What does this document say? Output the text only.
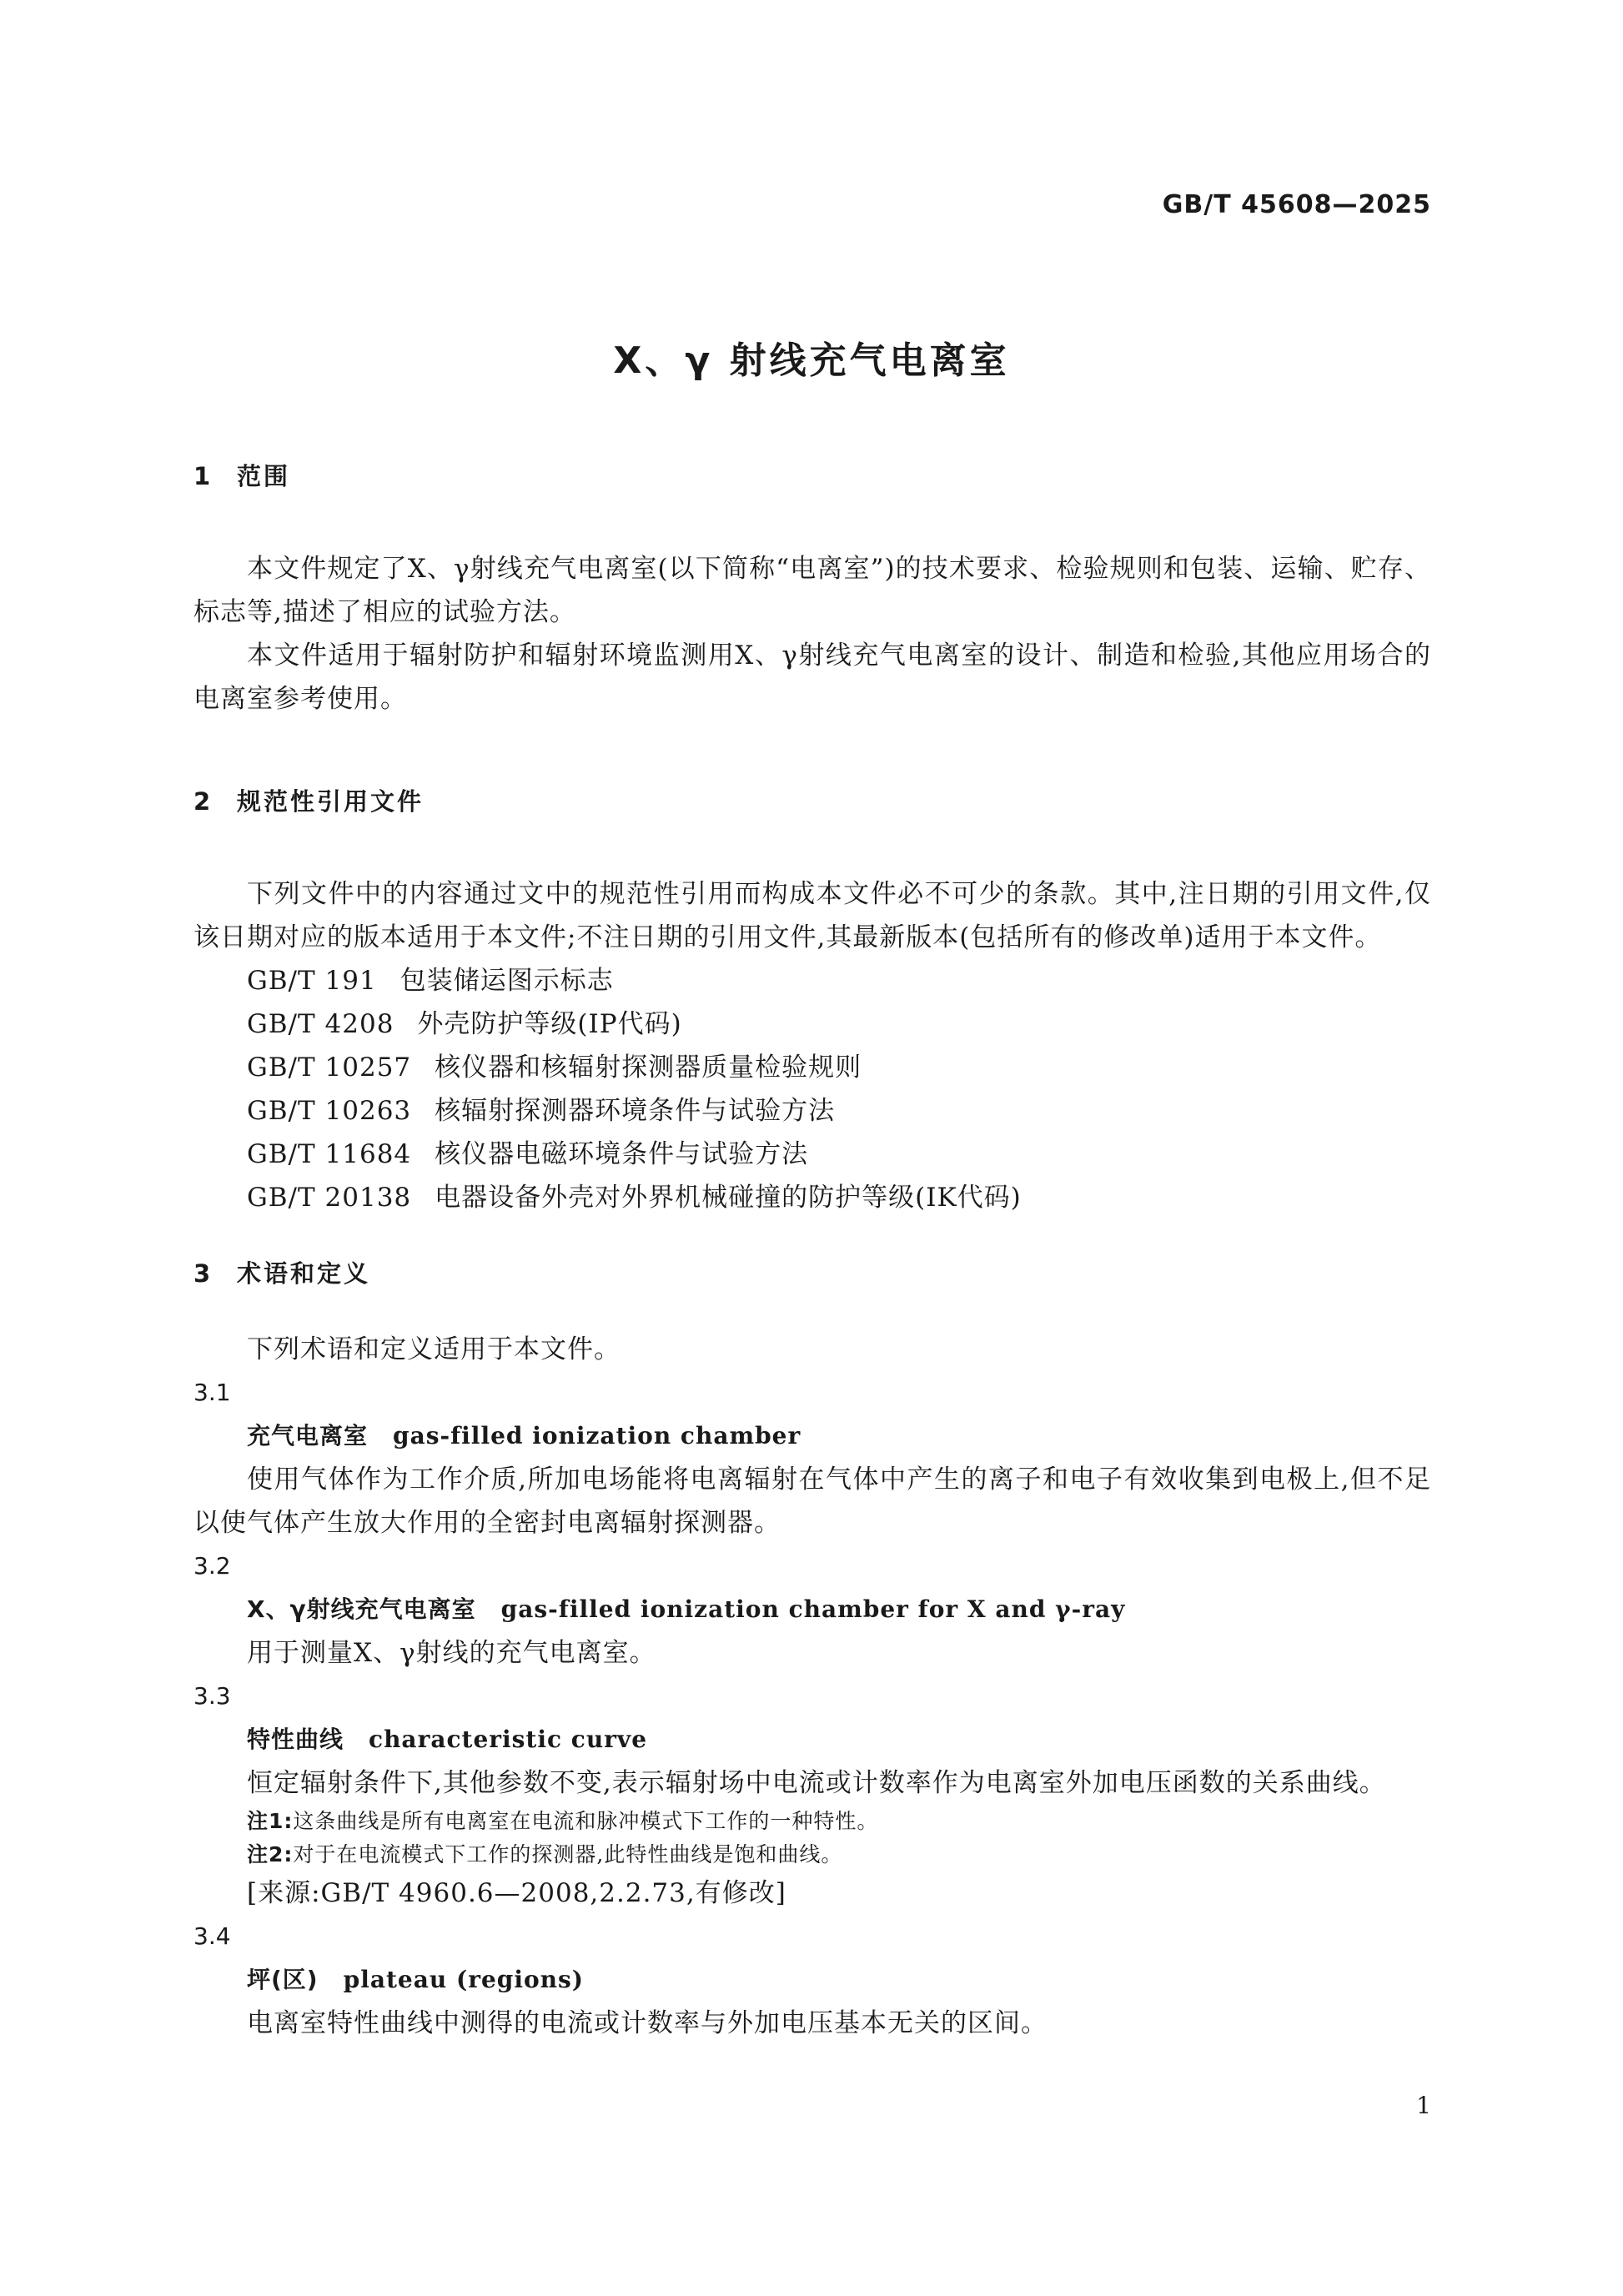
GB/T 45608—2025
X、γ 射线充气电离室
1 范围
本文件规定了X、γ射线充气电离室(以下简称“电离室”)的技术要求、检验规则和包装、运输、贮存、标志等,描述了相应的试验方法。
本文件适用于辐射防护和辐射环境监测用X、γ射线充气电离室的设计、制造和检验,其他应用场合的电离室参考使用。
2 规范性引用文件
下列文件中的内容通过文中的规范性引用而构成本文件必不可少的条款。其中,注日期的引用文件,仅该日期对应的版本适用于本文件;不注日期的引用文件,其最新版本(包括所有的修改单)适用于本文件。
GB/T 191 包装储运图示标志
GB/T 4208 外壳防护等级(IP代码)
GB/T 10257 核仪器和核辐射探测器质量检验规则
GB/T 10263 核辐射探测器环境条件与试验方法
GB/T 11684 核仪器电磁环境条件与试验方法
GB/T 20138 电器设备外壳对外界机械碰撞的防护等级(IK代码)
3 术语和定义
下列术语和定义适用于本文件。
3.1
充气电离室 gas-filled ionization chamber
使用气体作为工作介质,所加电场能将电离辐射在气体中产生的离子和电子有效收集到电极上,但不足以使气体产生放大作用的全密封电离辐射探测器。
3.2
X、γ射线充气电离室 gas-filled ionization chamber for X and γ-ray
用于测量X、γ射线的充气电离室。
3.3
特性曲线 characteristic curve
恒定辐射条件下,其他参数不变,表示辐射场中电流或计数率作为电离室外加电压函数的关系曲线。
注1:这条曲线是所有电离室在电流和脉冲模式下工作的一种特性。
注2:对于在电流模式下工作的探测器,此特性曲线是饱和曲线。
[来源:GB/T 4960.6—2008,2.2.73,有修改]
3.4
坪(区) plateau (regions)
电离室特性曲线中测得的电流或计数率与外加电压基本无关的区间。
1
